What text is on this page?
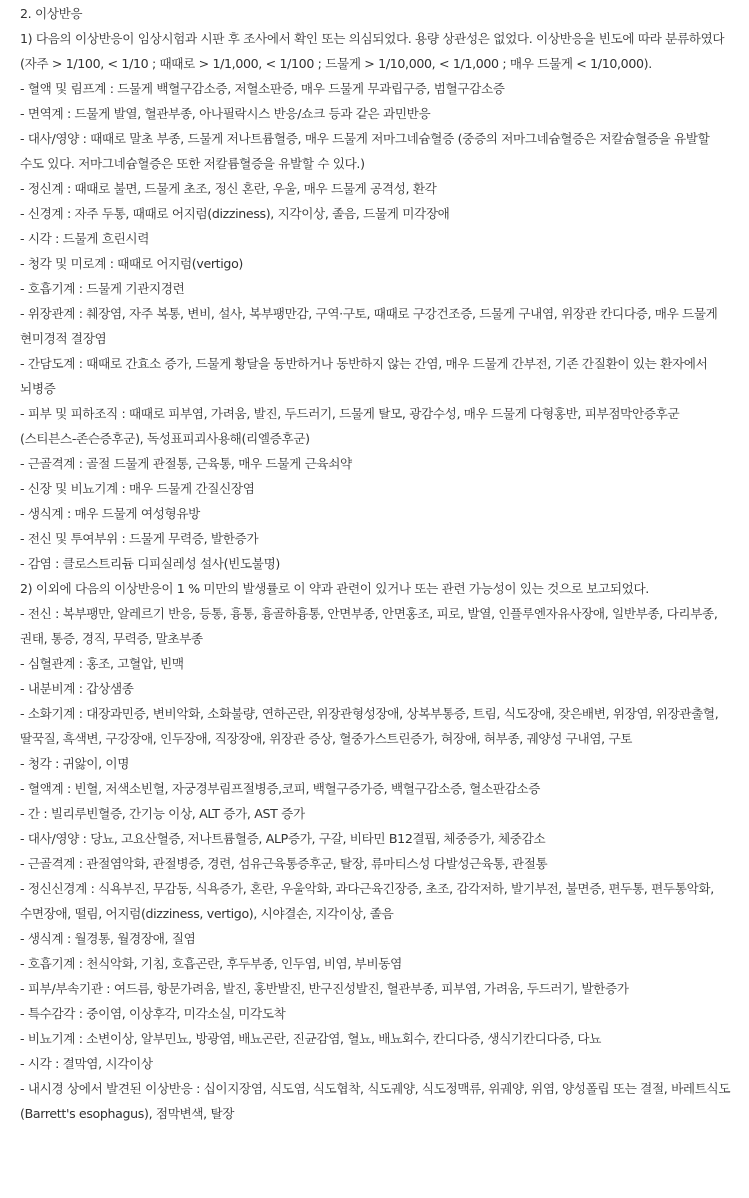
2. 이상반응

1) 다음의 이상반응이 임상시험과 시판 후 조사에서 확인 또는 의심되었다. 용량 상관성은 없었다. 이상반응을 빈도에 따라 분류하였다(자주 > 1/100, < 1/10 ; 때때로 > 1/1,000, < 1/100 ; 드물게 > 1/10,000, < 1/1,000 ; 매우 드물게 < 1/10,000).

- 혈액 및 림프계 : 드물게 백혈구감소증, 저혈소판증, 매우 드물게 무과립구증, 범혈구감소증

- 면역계 : 드물게 발열, 혈관부종, 아나필락시스 반응/쇼크 등과 같은 과민반응

- 대사/영양 : 때때로 말초 부종, 드물게 저나트륨혈증, 매우 드물게 저마그네슘혈증 (중증의 저마그네슘혈증은 저칼슘혈증을 유발할 수도 있다. 저마그네슘혈증은 또한 저칼륨혈증을 유발할 수 있다.)

- 정신계 : 때때로 불면, 드물게 초조, 정신 혼란, 우울, 매우 드물게 공격성, 환각

- 신경계 : 자주 두통, 때때로 어지럼(dizziness), 지각이상, 졸음, 드물게 미각장애

- 시각 : 드물게 흐린시력

- 청각 및 미로계 : 때때로 어지럼(vertigo)

- 호흡기계 : 드물게 기관지경련

- 위장관계 : 췌장염, 자주 복통, 변비, 설사, 복부팽만감, 구역·구토, 때때로 구강건조증, 드물게 구내염, 위장관 칸디다증, 매우 드물게 현미경적 결장염

- 간담도계 : 때때로 간효소 증가, 드물게 황달을 동반하거나 동반하지 않는 간염, 매우 드물게 간부전, 기존 간질환이 있는 환자에서 뇌병증

- 피부 및 피하조직 : 때때로 피부염, 가려움, 발진, 두드러기, 드물게 탈모, 광감수성, 매우 드물게 다형홍반, 피부점막안증후군(스티븐스-존슨증후군), 독성표피괴사용해(리엘증후군)

- 근골격계 : 골절 드물게 관절통, 근육통, 매우 드물게 근육쇠약

- 신장 및 비뇨기계 : 매우 드물게 간질신장염

- 생식계 : 매우 드물게 여성형유방

- 전신 및 투여부위 : 드물게 무력증, 발한증가

- 감염 : 클로스트리듐 디피실레성 설사(빈도불명)

2) 이외에 다음의 이상반응이 1 % 미만의 발생률로 이 약과 관련이 있거나 또는 관련 가능성이 있는 것으로 보고되었다.

- 전신 : 복부팽만, 알레르기 반응, 등통, 흉통, 흉골하흉통, 안면부종, 안면홍조, 피로, 발열, 인플루엔자유사장애, 일반부종, 다리부종, 권태, 통증, 경직, 무력증, 말초부종

- 심혈관계 : 홍조, 고혈압, 빈맥

- 내분비계 : 갑상샘종

- 소화기계 : 대장과민증, 변비악화, 소화불량, 연하곤란, 위장관형성장애, 상복부통증, 트림, 식도장애, 잦은배변, 위장염, 위장관출혈, 딸꾹질, 흑색변, 구강장애, 인두장애, 직장장애, 위장관 증상, 혈중가스트린증가, 혀장애, 혀부종, 궤양성 구내염, 구토

- 청각 : 귀앓이, 이명

- 혈액계 : 빈혈, 저색소빈혈, 자궁경부림프절병증,코피, 백혈구증가증, 백혈구감소증, 혈소판감소증

- 간 : 빌리루빈혈증, 간기능 이상, ALT 증가, AST 증가

- 대사/영양 : 당뇨, 고요산혈증, 저나트륨혈증, ALP증가, 구갈, 비타민 B12결핍, 체중증가, 체중감소

- 근골격계 : 관절염악화, 관절병증, 경련, 섬유근육통증후군, 탈장, 류마티스성 다발성근육통, 관절통

- 정신신경계 : 식욕부진, 무감동, 식욕증가, 혼란, 우울악화, 과다근육긴장증, 초조, 감각저하, 발기부전, 불면증, 편두통, 편두통악화, 수면장애, 떨림, 어지럼(dizziness, vertigo), 시야결손, 지각이상, 졸음

- 생식계 : 월경통, 월경장애, 질염

- 호흡기계 : 천식악화, 기침, 호흡곤란, 후두부종, 인두염, 비염, 부비동염

- 피부/부속기관 : 여드름, 항문가려움, 발진, 홍반발진, 반구진성발진, 혈관부종, 피부염, 가려움, 두드러기, 발한증가

- 특수감각 : 중이염, 이상후각, 미각소실, 미각도착

- 비뇨기계 : 소변이상, 알부민뇨, 방광염, 배뇨곤란, 진균감염, 혈뇨, 배뇨회수, 칸디다증, 생식기칸디다증, 다뇨

- 시각 : 결막염, 시각이상

- 내시경 상에서 발견된 이상반응 : 십이지장염, 식도염, 식도협착, 식도궤양, 식도정맥류, 위궤양, 위염, 양성폴립 또는 결절, 바레트식도(Barrett's esophagus), 점막변색, 탈장
